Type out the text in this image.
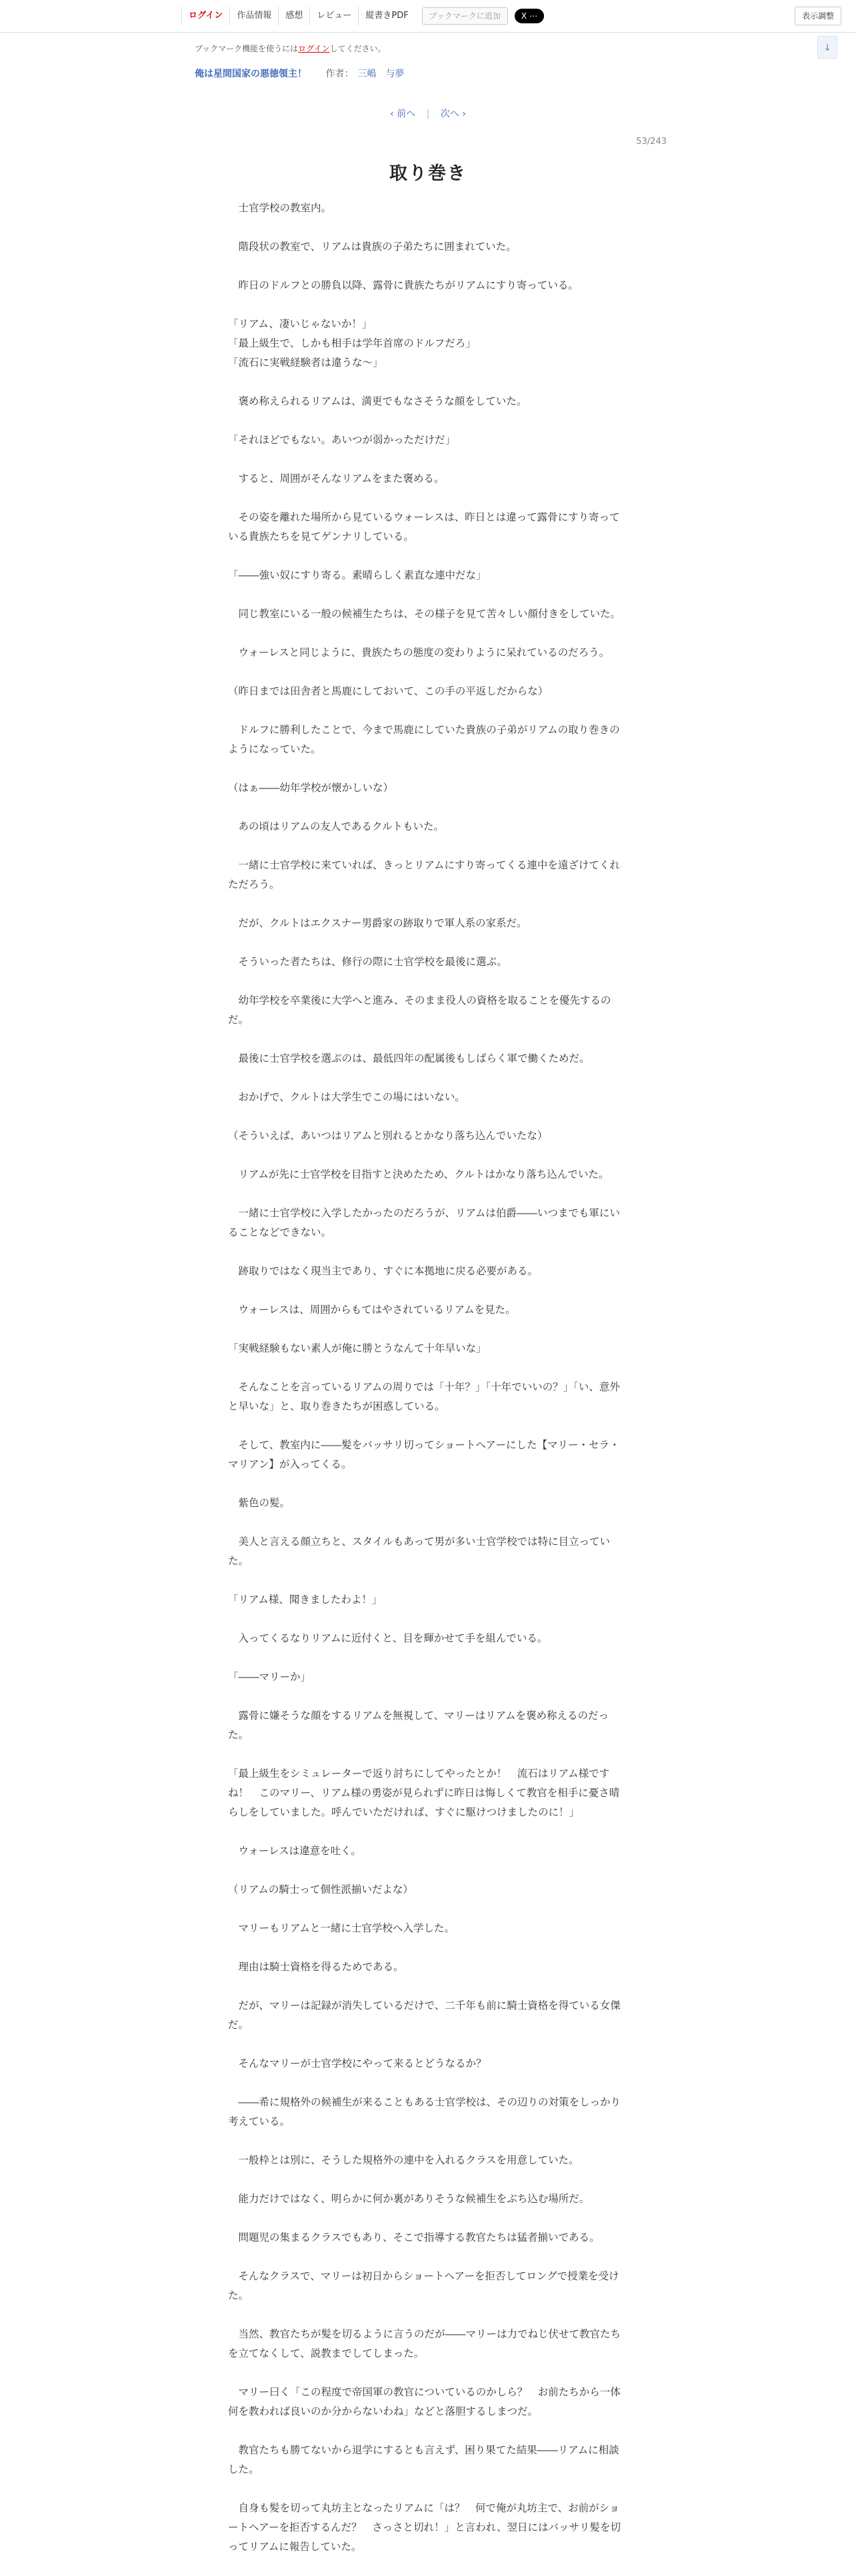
ログイン	作品情報	感想	レビュー	縦書きPDF	ブックマークに追加	X ⋯	表示調整
ブックマーク機能を使うにはログインしてください。	↓
俺は星間国家の悪徳領主！ 作者： 三嶋　与夢
‹ 前へ | 次へ ›
53/243
取り巻き

　士官学校の教室内。

　階段状の教室で、リアムは貴族の子弟たちに囲まれていた。

　昨日のドルフとの勝負以降、露骨に貴族たちがリアムにすり寄っている。

「リアム、凄いじゃないか！」

「最上級生で、しかも相手は学年首席のドルフだろ」

「流石に実戦経験者は違うな～」

　褒め称えられるリアムは、満更でもなさそうな顔をしていた。

「それほどでもない。あいつが弱かっただけだ」

　すると、周囲がそんなリアムをまた褒める。

　その姿を離れた場所から見ているウォーレスは、昨日とは違って露骨にすり寄っている貴族たちを見てゲンナリしている。

「――強い奴にすり寄る。素晴らしく素直な連中だな」

　同じ教室にいる一般の候補生たちは、その様子を見て苦々しい顔付きをしていた。

　ウォーレスと同じように、貴族たちの態度の変わりように呆れているのだろう。

（昨日までは田舎者と馬鹿にしておいて、この手の平返しだからな）

　ドルフに勝利したことで、今まで馬鹿にしていた貴族の子弟がリアムの取り巻きのようになっていた。

（はぁ――幼年学校が懐かしいな）

　あの頃はリアムの友人であるクルトもいた。

　一緒に士官学校に来ていれば、きっとリアムにすり寄ってくる連中を遠ざけてくれただろう。

　だが、クルトはエクスナー男爵家の跡取りで軍人系の家系だ。

　そういった者たちは、修行の際に士官学校を最後に選ぶ。

　幼年学校を卒業後に大学へと進み、そのまま役人の資格を取ることを優先するのだ。

　最後に士官学校を選ぶのは、最低四年の配属後もしばらく軍で働くためだ。

　おかげで、クルトは大学生でこの場にはいない。

（そういえば、あいつはリアムと別れるとかなり落ち込んでいたな）

　リアムが先に士官学校を目指すと決めたため、クルトはかなり落ち込んでいた。

　一緒に士官学校に入学したかったのだろうが、リアムは伯爵――いつまでも軍にいることなどできない。

　跡取りではなく現当主であり、すぐに本拠地に戻る必要がある。

　ウォーレスは、周囲からもてはやされているリアムを見た。

「実戦経験もない素人が俺に勝とうなんて十年早いな」

　そんなことを言っているリアムの周りでは「十年？」「十年でいいの？」「い、意外と早いな」と、取り巻きたちが困惑している。

　そして、教室内に――髪をバッサリ切ってショートヘアーにした【マリー・セラ・マリアン】が入ってくる。

　紫色の髪。

　美人と言える顔立ちと、スタイルもあって男が多い士官学校では特に目立っていた。

「リアム様、聞きましたわよ！」

　入ってくるなりリアムに近付くと、目を輝かせて手を組んでいる。

「――マリーか」

　露骨に嫌そうな顔をするリアムを無視して、マリーはリアムを褒め称えるのだった。

「最上級生をシミュレーターで返り討ちにしてやったとか！　流石はリアム様ですね！　このマリー、リアム様の勇姿が見られずに昨日は悔しくて教官を相手に憂さ晴らしをしていました。呼んでいただければ、すぐに駆けつけましたのに！」

　ウォーレスは違意を吐く。

（リアムの騎士って個性派揃いだよな）

　マリーもリアムと一緒に士官学校へ入学した。

　理由は騎士資格を得るためである。

　だが、マリーは記録が消失しているだけで、二千年も前に騎士資格を得ている女傑だ。

　そんなマリーが士官学校にやって来るとどうなるか？

　――希に規格外の候補生が来ることもある士官学校は、その辺りの対策をしっかり考えている。

　一般枠とは別に、そうした規格外の連中を入れるクラスを用意していた。

　能力だけではなく、明らかに何か裏がありそうな候補生をぶち込む場所だ。

　問題児の集まるクラスでもあり、そこで指導する教官たちは猛者揃いである。

　そんなクラスで、マリーは初日からショートヘアーを拒否してロングで授業を受けた。

　当然、教官たちが髪を切るように言うのだが――マリーは力でねじ伏せて教官たちを立てなくして、説教までしてしまった。

　マリー曰く「この程度で帝国軍の教官についているのかしら？　お前たちから一体何を教われば良いのか分からないわね」などと落胆するしまつだ。

　教官たちも勝てないから退学にするとも言えず、困り果てた結果――リアムに相談した。

　自身も髪を切って丸坊主となったリアムに「は？　何で俺が丸坊主で、お前がショートヘアーを拒否するんだ？　さっさと切れ！」と言われ、翌日にはバッサリ髪を切ってリアムに報告していた。
